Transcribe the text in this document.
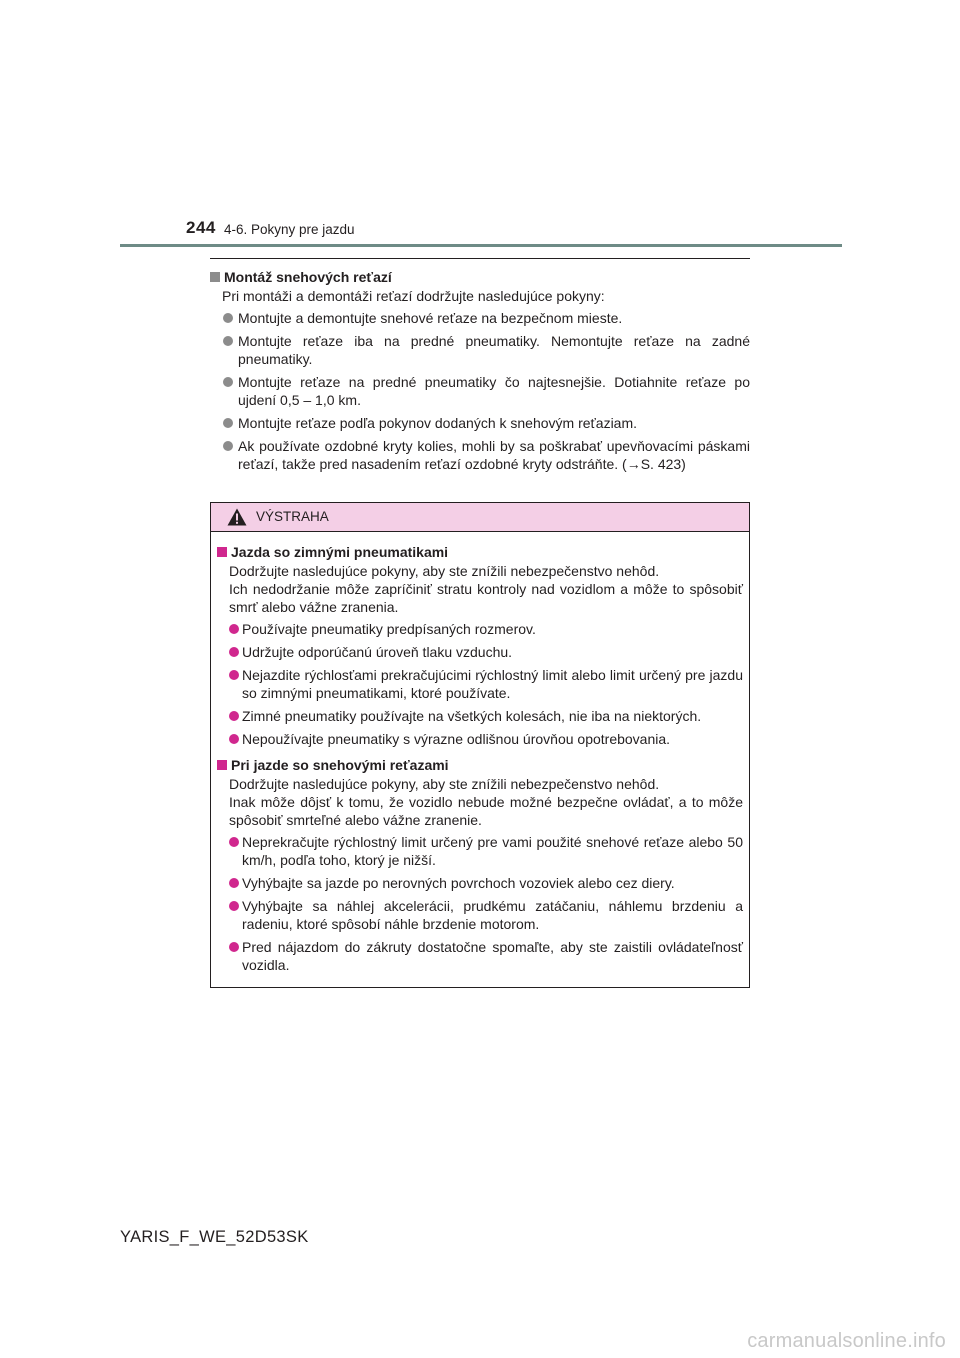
244 4-6. Pokyny pre jazdu
Montáž snehových reťazí
Pri montáži a demontáži reťazí dodržujte nasledujúce pokyny:
Montujte a demontujte snehové reťaze na bezpečnom mieste.
Montujte reťaze iba na predné pneumatiky. Nemontujte reťaze na zadné pneumatiky.
Montujte reťaze na predné pneumatiky čo najtesnejšie. Dotiahnite reťaze po ujdení 0,5 – 1,0 km.
Montujte reťaze podľa pokynov dodaných k snehovým reťaziam.
Ak používate ozdobné kryty kolies, mohli by sa poškrabať upevňovacími páskami reťazí, takže pred nasadením reťazí ozdobné kryty odstráňte. (→S. 423)
VÝSTRAHA
Jazda so zimnými pneumatikami
Dodržujte nasledujúce pokyny, aby ste znížili nebezpečenstvo nehôd.
Ich nedodržanie môže zapríčiniť stratu kontroly nad vozidlom a môže to spôsobiť smrť alebo vážne zranenia.
Používajte pneumatiky predpísaných rozmerov.
Udržujte odporúčanú úroveň tlaku vzduchu.
Nejazdite rýchlosťami prekračujúcimi rýchlostný limit alebo limit určený pre jazdu so zimnými pneumatikami, ktoré používate.
Zimné pneumatiky používajte na všetkých kolesách, nie iba na niektorých.
Nepoužívajte pneumatiky s výrazne odlišnou úrovňou opotrebovania.
Pri jazde so snehovými reťazami
Dodržujte nasledujúce pokyny, aby ste znížili nebezpečenstvo nehôd.
Inak môže dôjsť k tomu, že vozidlo nebude možné bezpečne ovládať, a to môže spôsobiť smrteľné alebo vážne zranenie.
Neprekračujte rýchlostný limit určený pre vami použité snehové reťaze alebo 50 km/h, podľa toho, ktorý je nižší.
Vyhýbajte sa jazde po nerovných povrchoch vozoviek alebo cez diery.
Vyhýbajte sa náhlej akcelerácii, prudkému zatáčaniu, náhlemu brzdeniu a radeniu, ktoré spôsobí náhle brzdenie motorom.
Pred nájazdom do zákruty dostatočne spomaľte, aby ste zaistili ovládateľnosť vozidla.
YARIS_F_WE_52D53SK
carmanualsonline.info
